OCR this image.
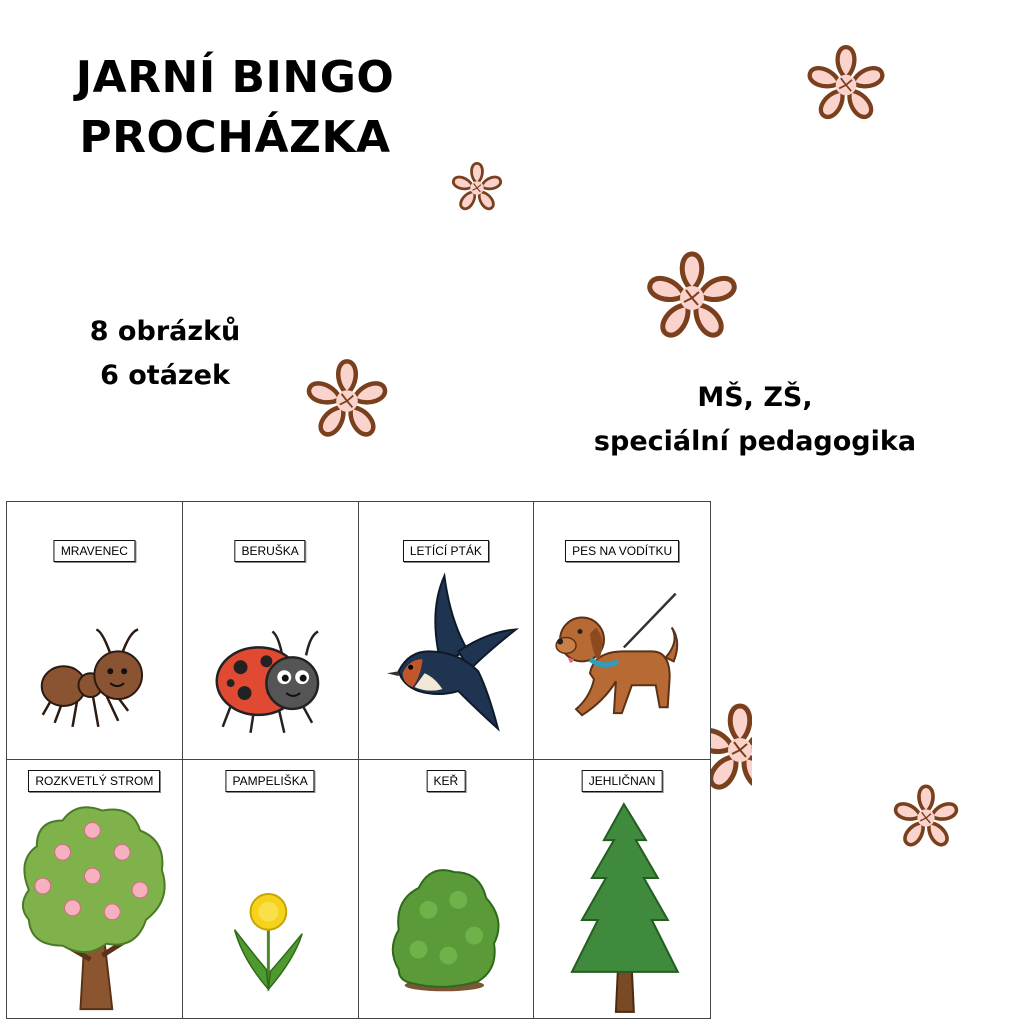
JARNÍ BINGO
PROCHÁZKA
8 obrázků
6 otázek
MŠ, ZŠ,
speciální pedagogika
MRAVENEC	BERUŠKA	LETÍCÍ PTÁK	PES NA VODÍTKU
ROZKVETLÝ STROM	PAMPELIŠKA	KEŘ	JEHLIČNAN
